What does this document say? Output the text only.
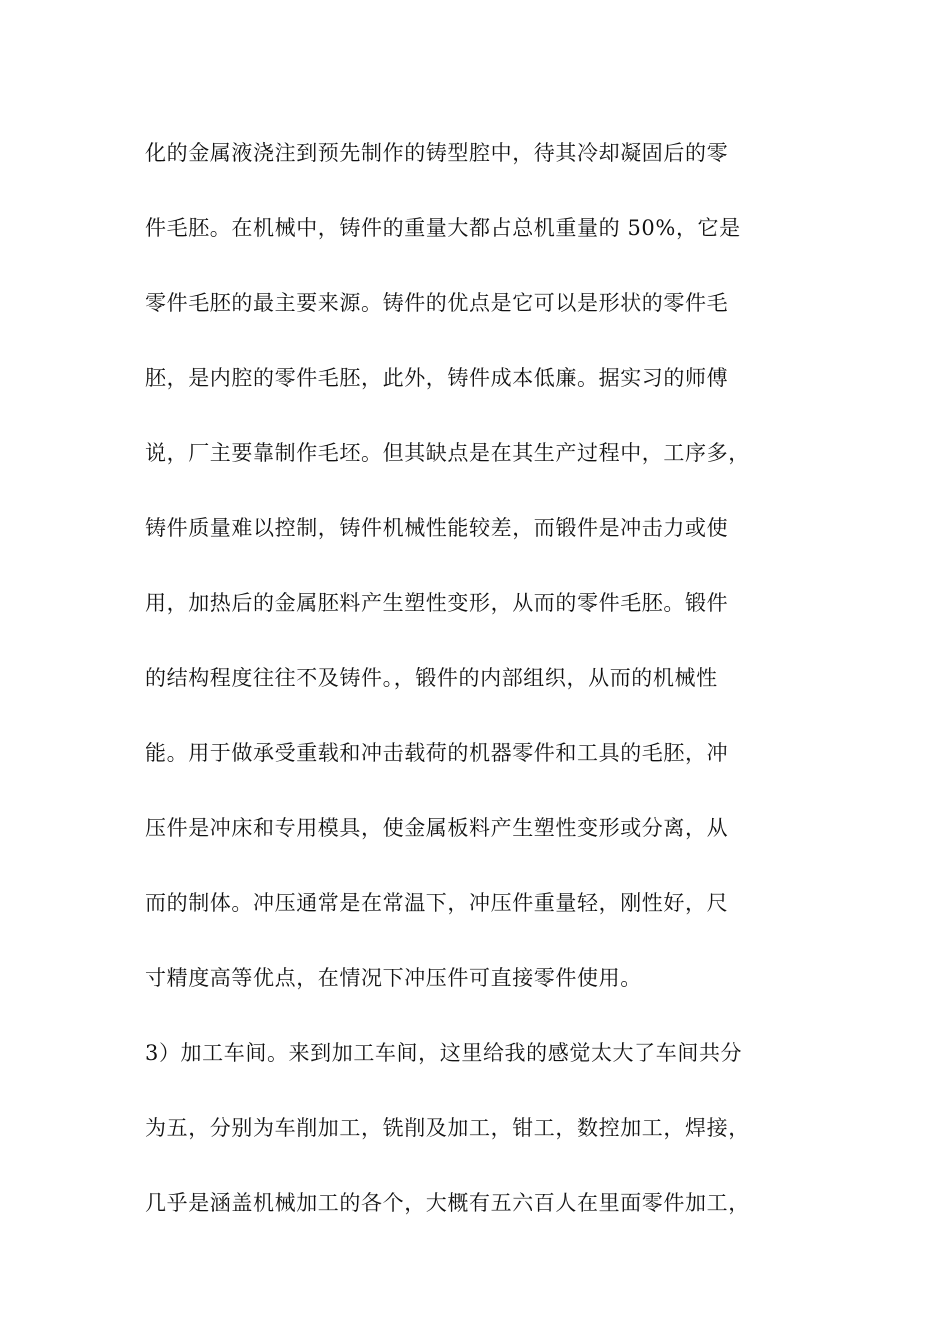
化的金属液浇注到预先制作的铸型腔中，待其冷却凝固后的零
件毛胚。在机械中，铸件的重量大都占总机重量的 50%，它是
零件毛胚的最主要来源。铸件的优点是它可以是形状的零件毛
胚，是内腔的零件毛胚，此外，铸件成本低廉。据实习的师傅
说，厂主要靠制作毛坯。但其缺点是在其生产过程中，工序多，
铸件质量难以控制，铸件机械性能较差，而锻件是冲击力或使
用，加热后的金属胚料产生塑性变形，从而的零件毛胚。锻件
的结构程度往往不及铸件。，锻件的内部组织，从而的机械性
能。用于做承受重载和冲击载荷的机器零件和工具的毛胚，冲
压件是冲床和专用模具，使金属板料产生塑性变形或分离，从
而的制体。冲压通常是在常温下，冲压件重量轻，刚性好，尺
寸精度高等优点，在情况下冲压件可直接零件使用。
3）加工车间。来到加工车间，这里给我的感觉太大了车间共分
为五，分别为车削加工，铣削及加工，钳工，数控加工，焊接，
几乎是涵盖机械加工的各个，大概有五六百人在里面零件加工，
